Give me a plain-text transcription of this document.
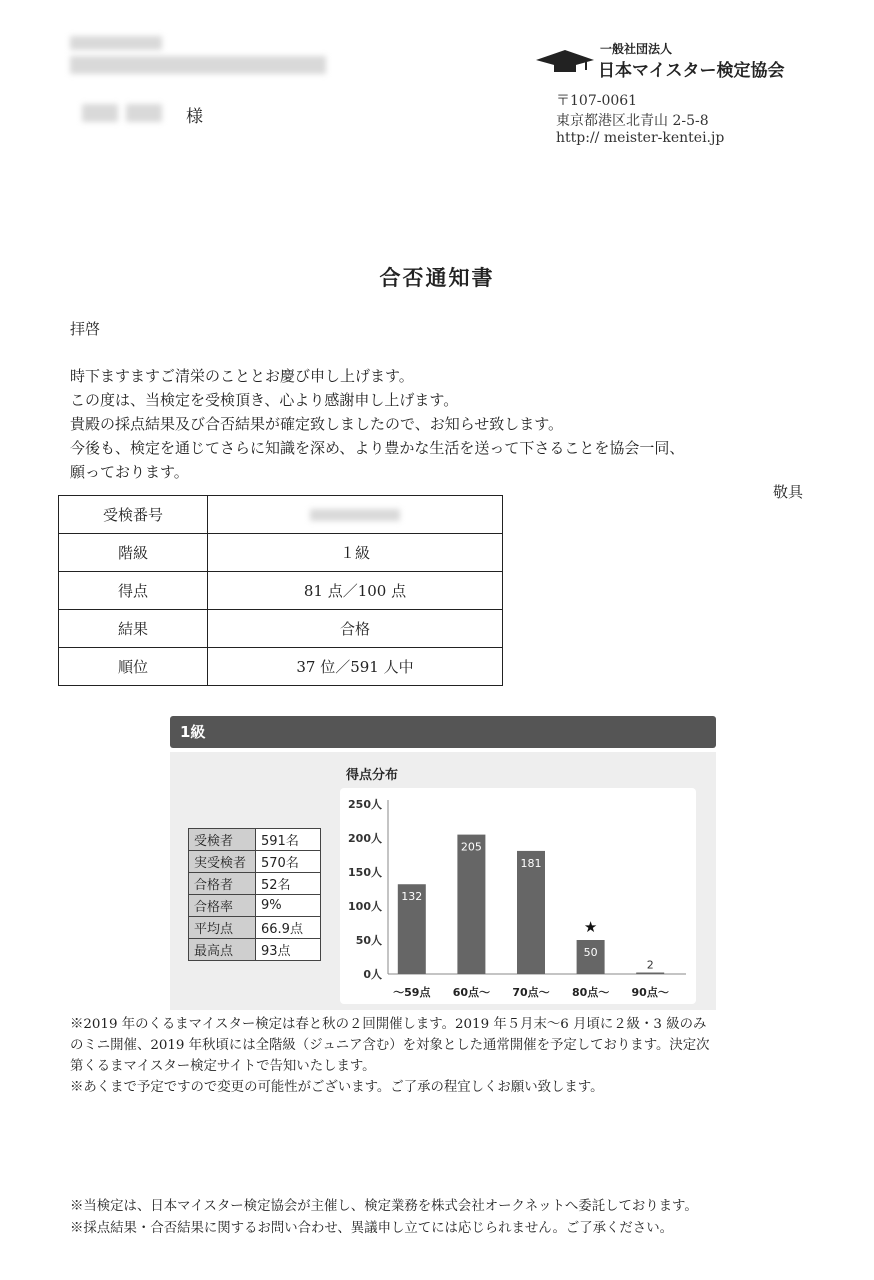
様
一般社団法人
日本マイスター検定協会
〒107-0061
東京都港区北青山 2-5-8
http:// meister-kentei.jp
合否通知書
拝啓
時下ますますご清栄のこととお慶び申し上げます。
この度は、当検定を受検頂き、心より感謝申し上げます。
貴殿の採点結果及び合否結果が確定致しましたので、お知らせ致します。
今後も、検定を通じてさらに知識を深め、より豊かな生活を送って下さることを協会一同、
願っております。
敬具
受検番号	

階級	１級
得点	81 点／100 点
結果	合格
順位	37 位／591 人中
1級
受検者	591名
実受検者	570名
合格者	52名
合格率	9%
平均点	66.9点
最高点	93点
得点分布
0人
50人
100人
150人
200人
250人
132
～59点
205
60点～
181
70点～
50
★
80点～
2
90点～
※2019 年のくるまマイスター検定は春と秋の２回開催します。2019 年５月末～6 月頃に２級・3 級のみ
のミニ開催、2019 年秋頃には全階級（ジュニア含む）を対象とした通常開催を予定しております。決定次
第くるまマイスター検定サイトで告知いたします。
※あくまで予定ですので変更の可能性がございます。ご了承の程宜しくお願い致します。
※当検定は、日本マイスター検定協会が主催し、検定業務を株式会社オークネットへ委託しております。
※採点結果・合否結果に関するお問い合わせ、異議申し立てには応じられません。ご了承ください。
